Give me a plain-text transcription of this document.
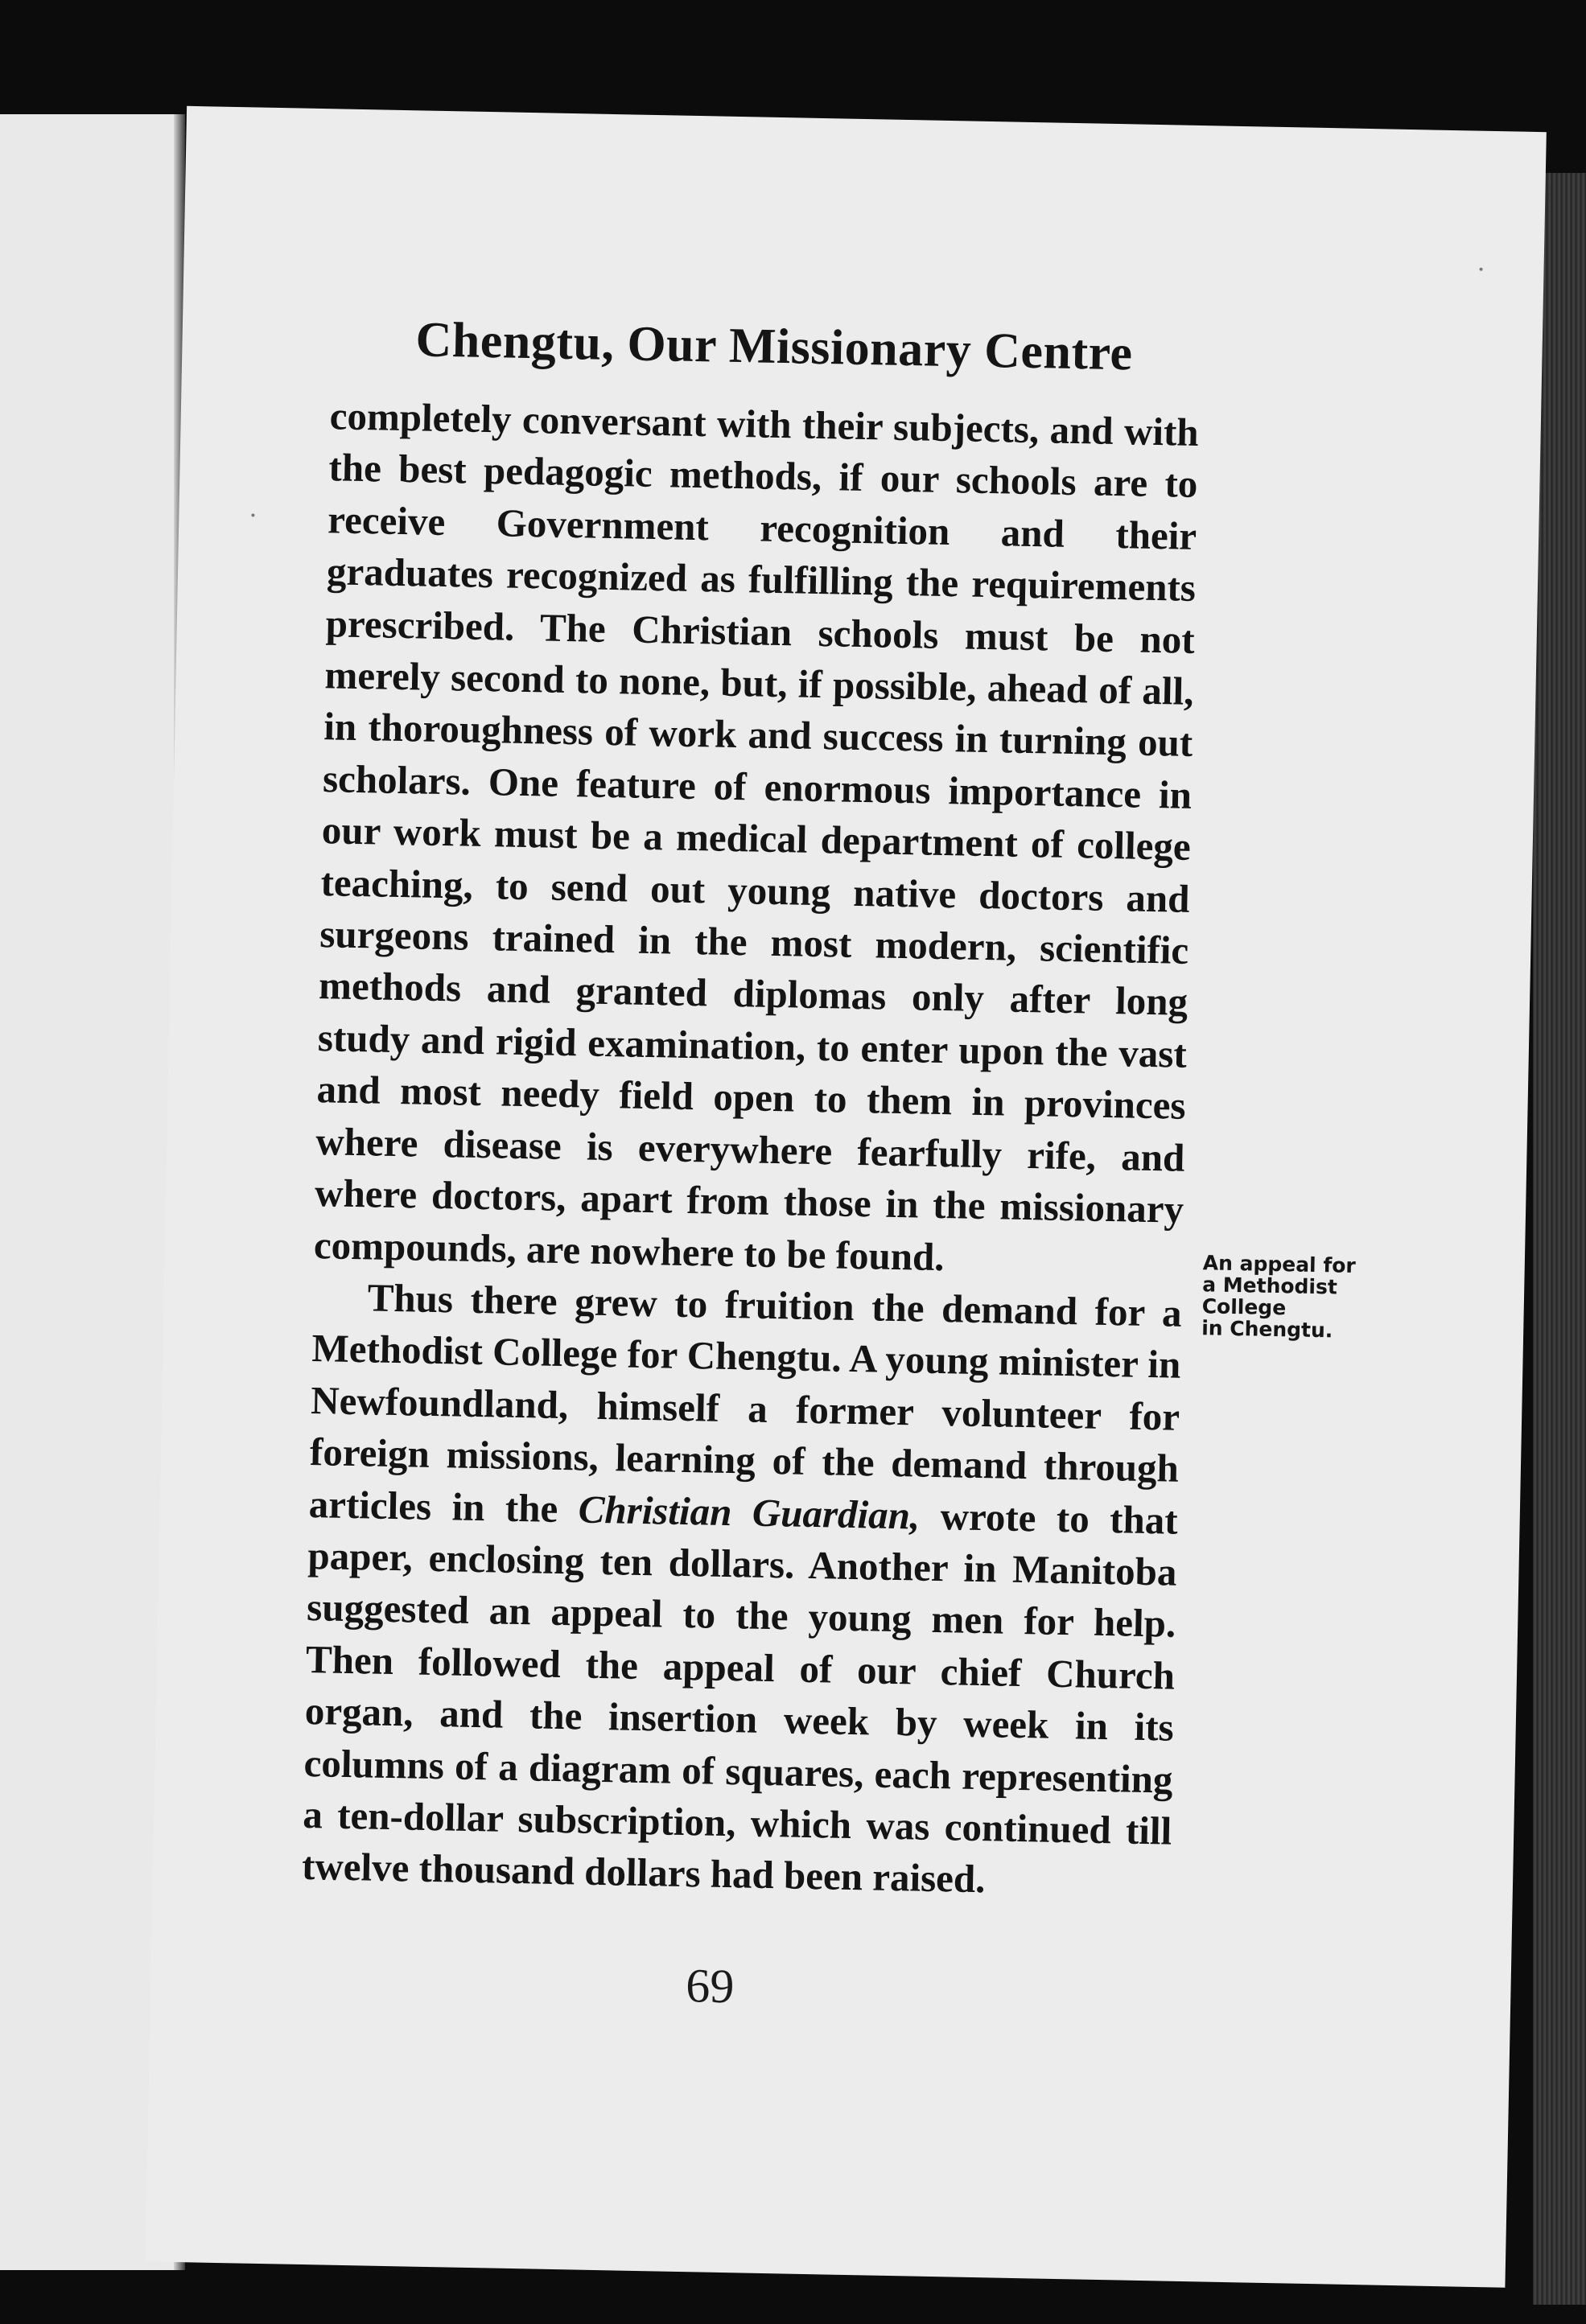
Chengtu, Our Missionary Centre

completely conversant with their subjects, and with the best pedagogic methods, if our schools are to receive Government recognition and their graduates recognized as fulfilling the requirements prescribed. The Christian schools must be not merely second to none, but, if possible, ahead of all, in thoroughness of work and success in turning out scholars. One feature of enormous importance in our work must be a medical department of college teaching, to send out young native doctors and surgeons trained in the most modern, scientific methods and granted diplomas only after long study and rigid examination, to enter upon the vast and most needy field open to them in provinces where disease is everywhere fearfully rife, and where doctors, apart from those in the missionary compounds, are nowhere to be found.

Thus there grew to fruition the demand for a Methodist College for Chengtu. A young minister in Newfoundland, himself a former volunteer for foreign missions, learning of the demand through articles in the Christian Guardian, wrote to that paper, enclosing ten dollars. Another in Manitoba suggested an appeal to the young men for help. Then followed the appeal of our chief Church organ, and the insertion week by week in its columns of a diagram of squares, each representing a ten-dollar subscription, which was continued till twelve thousand dollars had been raised.

An appeal for
a Methodist
College
in Chengtu.
69
